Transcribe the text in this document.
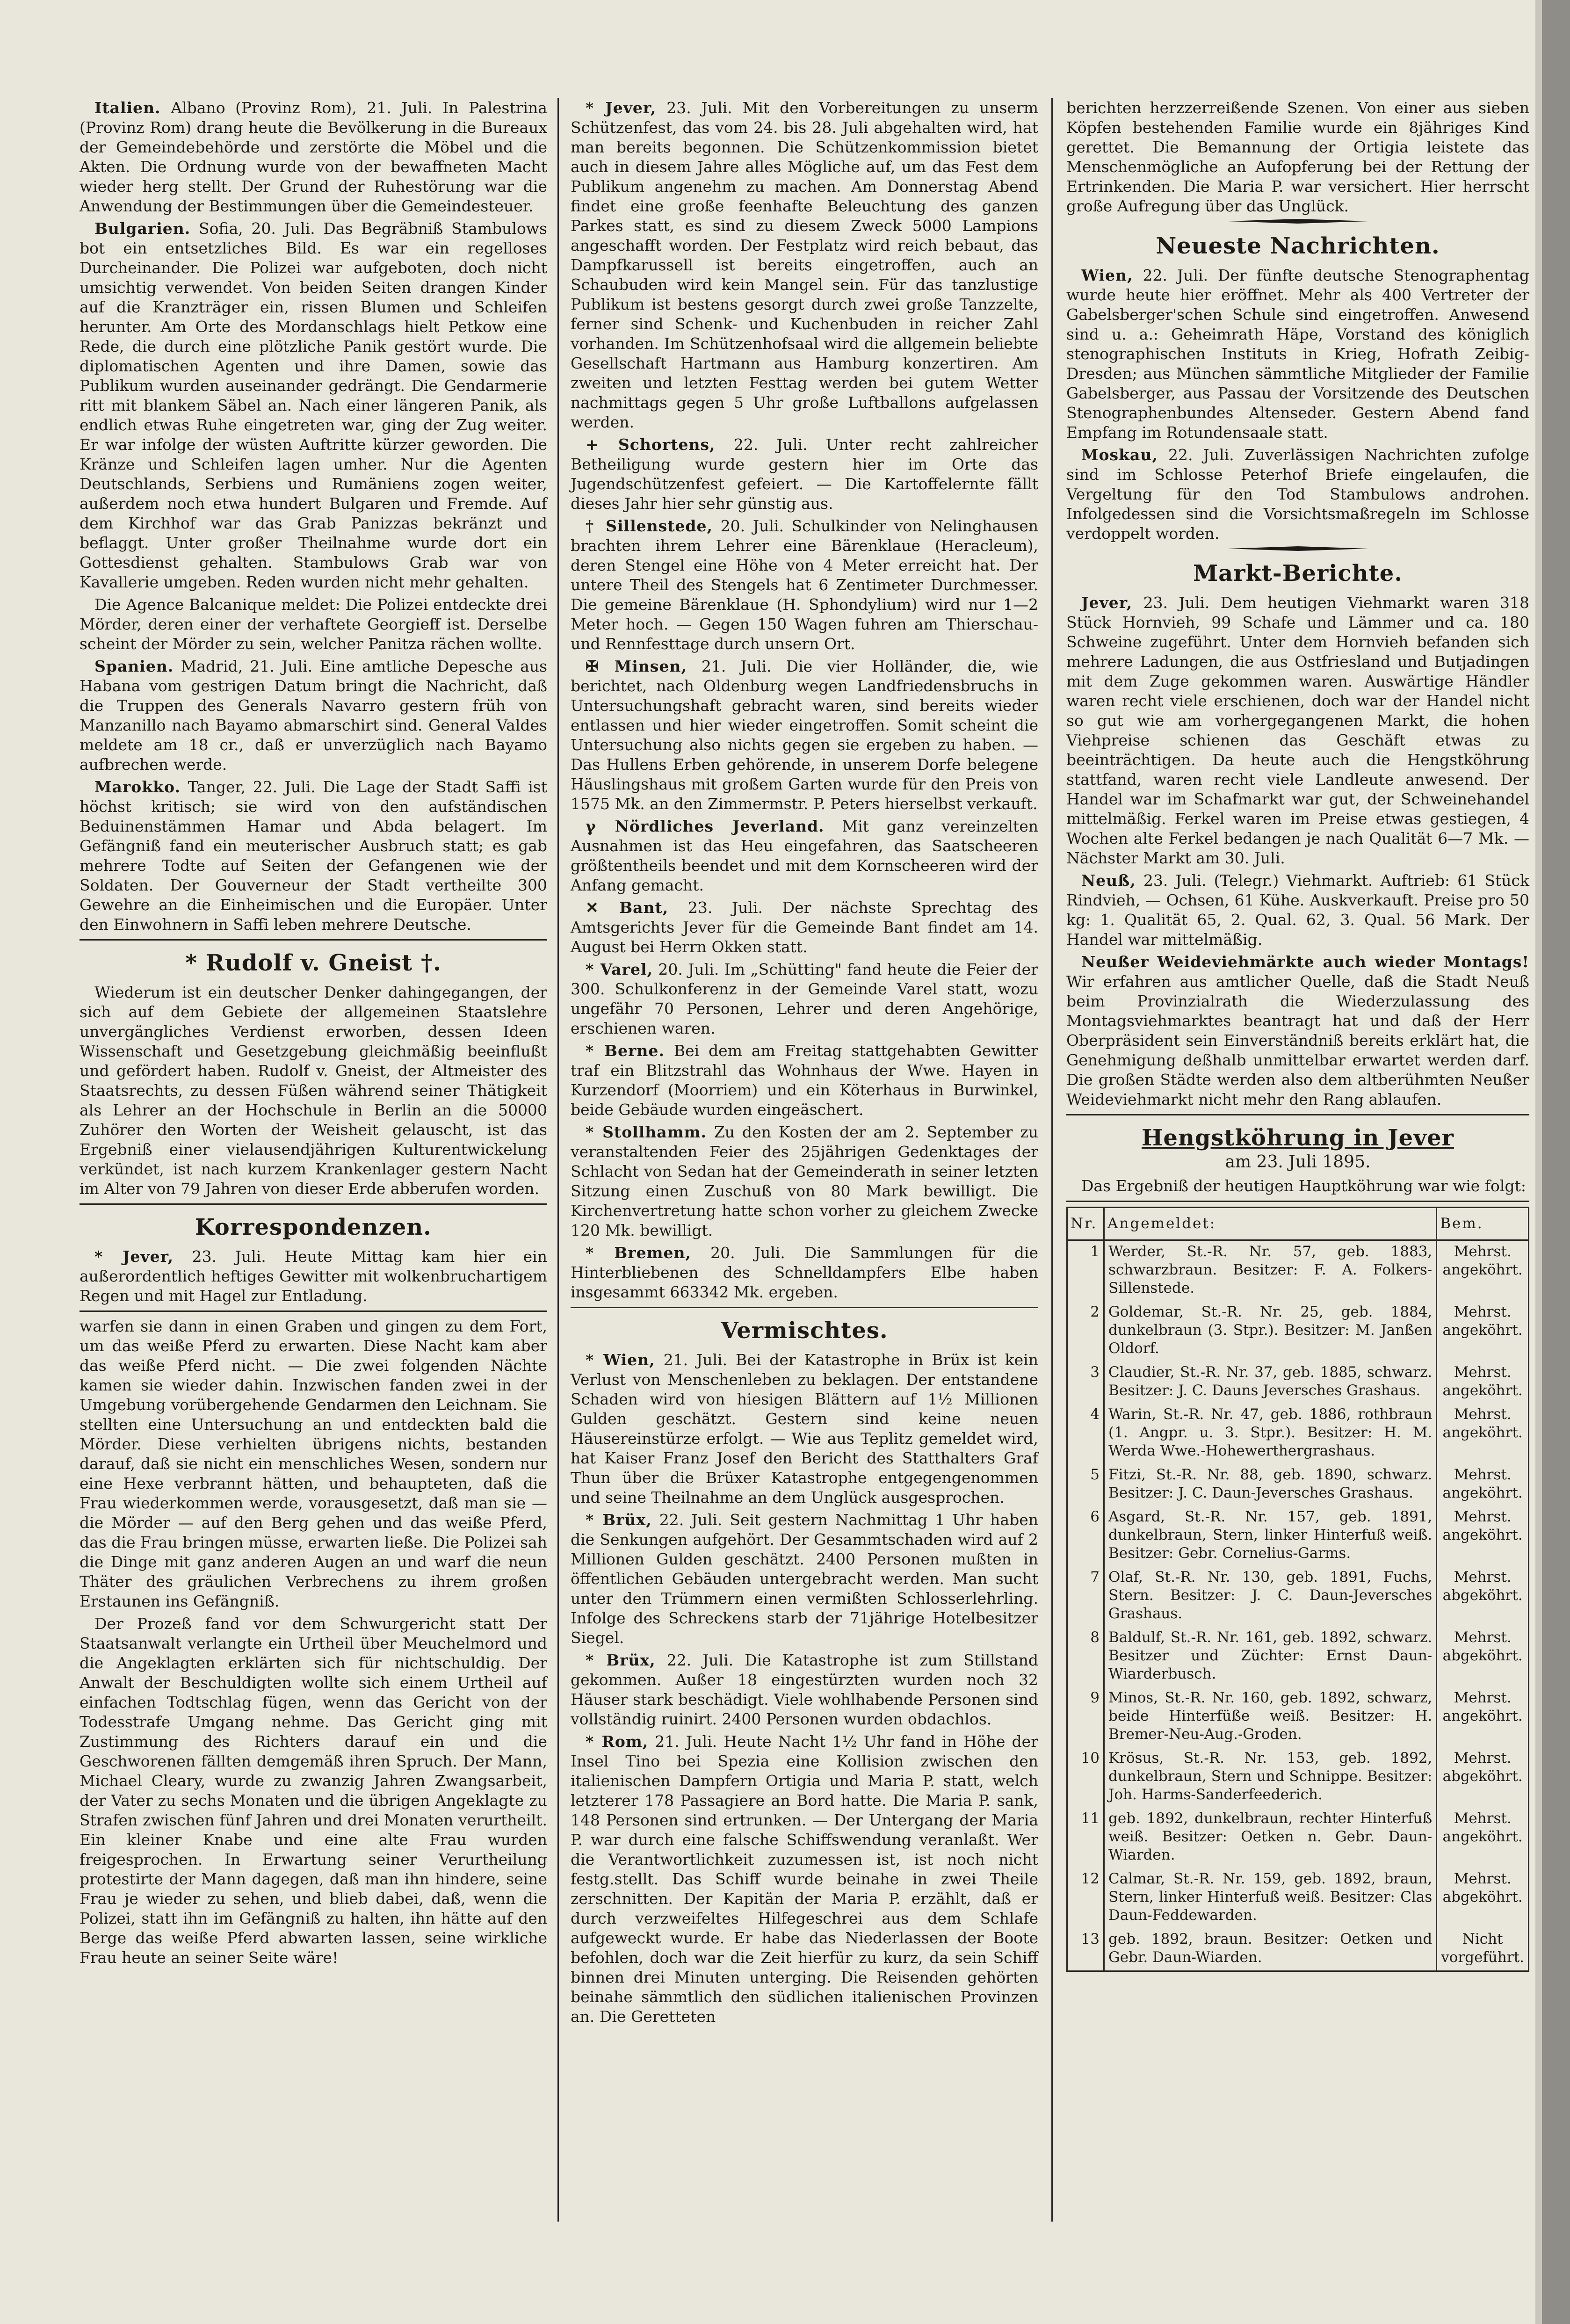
Italien. Albano (Provinz Rom), 21. Juli. In Palestrina (Provinz Rom) drang heute die Bevölkerung in die Bureaux der Gemeindebehörde und zerstörte die Möbel und die Akten. Die Ordnung wurde von der bewaffneten Macht wieder herg stellt. Der Grund der Ruhestörung war die Anwendung der Bestimmungen über die Gemeindesteuer.

Bulgarien. Sofia, 20. Juli. Das Begräbniß Stambulows bot ein entsetzliches Bild. Es war ein regelloses Durcheinander. Die Polizei war aufgeboten, doch nicht umsichtig verwendet. Von beiden Seiten drangen Kinder auf die Kranzträger ein, rissen Blumen und Schleifen herunter. Am Orte des Mordanschlags hielt Petkow eine Rede, die durch eine plötzliche Panik gestört wurde. Die diplomatischen Agenten und ihre Damen, sowie das Publikum wurden auseinander gedrängt. Die Gendarmerie ritt mit blankem Säbel an. Nach einer längeren Panik, als endlich etwas Ruhe eingetreten war, ging der Zug weiter. Er war infolge der wüsten Auftritte kürzer geworden. Die Kränze und Schleifen lagen umher. Nur die Agenten Deutschlands, Serbiens und Rumäniens zogen weiter, außerdem noch etwa hundert Bulgaren und Fremde. Auf dem Kirchhof war das Grab Panizzas bekränzt und beflaggt. Unter großer Theilnahme wurde dort ein Gottesdienst gehalten. Stambulows Grab war von Kavallerie umgeben. Reden wurden nicht mehr gehalten.

Die Agence Balcanique meldet: Die Polizei entdeckte drei Mörder, deren einer der verhaftete Georgieff ist. Derselbe scheint der Mörder zu sein, welcher Panitza rächen wollte.

Spanien. Madrid, 21. Juli. Eine amtliche Depesche aus Habana vom gestrigen Datum bringt die Nachricht, daß die Truppen des Generals Navarro gestern früh von Manzanillo nach Bayamo abmarschirt sind. General Valdes meldete am 18 cr., daß er unverzüglich nach Bayamo aufbrechen werde.

Marokko. Tanger, 22. Juli. Die Lage der Stadt Saffi ist höchst kritisch; sie wird von den aufständischen Beduinenstämmen Hamar und Abda belagert. Im Gefängniß fand ein meuterischer Ausbruch statt; es gab mehrere Todte auf Seiten der Gefangenen wie der Soldaten. Der Gouverneur der Stadt vertheilte 300 Gewehre an die Einheimischen und die Europäer. Unter den Einwohnern in Saffi leben mehrere Deutsche.

* Rudolf v. Gneist †.

Wiederum ist ein deutscher Denker dahingegangen, der sich auf dem Gebiete der allgemeinen Staatslehre unvergängliches Verdienst erworben, dessen Ideen Wissenschaft und Gesetzgebung gleichmäßig beeinflußt und gefördert haben. Rudolf v. Gneist, der Altmeister des Staatsrechts, zu dessen Füßen während seiner Thätigkeit als Lehrer an der Hochschule in Berlin an die 50000 Zuhörer den Worten der Weisheit gelauscht, ist das Ergebniß einer vielausendjährigen Kulturentwickelung verkündet, ist nach kurzem Krankenlager gestern Nacht im Alter von 79 Jahren von dieser Erde abberufen worden.

Korrespondenzen.

* Jever, 23. Juli. Heute Mittag kam hier ein außerordentlich heftiges Gewitter mit wolkenbruchartigem Regen und mit Hagel zur Entladung.

warfen sie dann in einen Graben und gingen zu dem Fort, um das weiße Pferd zu erwarten. Diese Nacht kam aber das weiße Pferd nicht. — Die zwei folgenden Nächte kamen sie wieder dahin. Inzwischen fanden zwei in der Umgebung vorübergehende Gendarmen den Leichnam. Sie stellten eine Untersuchung an und entdeckten bald die Mörder. Diese verhielten übrigens nichts, bestanden darauf, daß sie nicht ein menschliches Wesen, sondern nur eine Hexe verbrannt hätten, und behaupteten, daß die Frau wiederkommen werde, vorausgesetzt, daß man sie — die Mörder — auf den Berg gehen und das weiße Pferd, das die Frau bringen müsse, erwarten ließe. Die Polizei sah die Dinge mit ganz anderen Augen an und warf die neun Thäter des gräulichen Verbrechens zu ihrem großen Erstaunen ins Gefängniß.

Der Prozeß fand vor dem Schwurgericht statt Der Staatsanwalt verlangte ein Urtheil über Meuchelmord und die Angeklagten erklärten sich für nichtschuldig. Der Anwalt der Beschuldigten wollte sich einem Urtheil auf einfachen Todtschlag fügen, wenn das Gericht von der Todesstrafe Umgang nehme. Das Gericht ging mit Zustimmung des Richters darauf ein und die Geschworenen fällten demgemäß ihren Spruch. Der Mann, Michael Cleary, wurde zu zwanzig Jahren Zwangsarbeit, der Vater zu sechs Monaten und die übrigen Angeklagte zu Strafen zwischen fünf Jahren und drei Monaten verurtheilt. Ein kleiner Knabe und eine alte Frau wurden freigesprochen. In Erwartung seiner Verurtheilung protestirte der Mann dagegen, daß man ihn hindere, seine Frau je wieder zu sehen, und blieb dabei, daß, wenn die Polizei, statt ihn im Gefängniß zu halten, ihn hätte auf den Berge das weiße Pferd abwarten lassen, seine wirkliche Frau heute an seiner Seite wäre!

* Jever, 23. Juli. Mit den Vorbereitungen zu unserm Schützenfest, das vom 24. bis 28. Juli abgehalten wird, hat man bereits begonnen. Die Schützenkommission bietet auch in diesem Jahre alles Mögliche auf, um das Fest dem Publikum angenehm zu machen. Am Donnerstag Abend findet eine große feenhafte Beleuchtung des ganzen Parkes statt, es sind zu diesem Zweck 5000 Lampions angeschafft worden. Der Festplatz wird reich bebaut, das Dampfkarussell ist bereits eingetroffen, auch an Schaubuden wird kein Mangel sein. Für das tanzlustige Publikum ist bestens gesorgt durch zwei große Tanzzelte, ferner sind Schenk- und Kuchenbuden in reicher Zahl vorhanden. Im Schützenhofsaal wird die allgemein beliebte Gesellschaft Hartmann aus Hamburg konzertiren. Am zweiten und letzten Festtag werden bei gutem Wetter nachmittags gegen 5 Uhr große Luftballons aufgelassen werden.

+ Schortens, 22. Juli. Unter recht zahlreicher Betheiligung wurde gestern hier im Orte das Jugendschützenfest gefeiert. — Die Kartoffelernte fällt dieses Jahr hier sehr günstig aus.

† Sillenstede, 20. Juli. Schulkinder von Nelinghausen brachten ihrem Lehrer eine Bärenklaue (Heracleum), deren Stengel eine Höhe von 4 Meter erreicht hat. Der untere Theil des Stengels hat 6 Zentimeter Durchmesser. Die gemeine Bärenklaue (H. Sphondylium) wird nur 1—2 Meter hoch. — Gegen 150 Wagen fuhren am Thierschau- und Rennfesttage durch unsern Ort.

✠ Minsen, 21. Juli. Die vier Holländer, die, wie berichtet, nach Oldenburg wegen Landfriedensbruchs in Untersuchungshaft gebracht waren, sind bereits wieder entlassen und hier wieder eingetroffen. Somit scheint die Untersuchung also nichts gegen sie ergeben zu haben. — Das Hullens Erben gehörende, in unserem Dorfe belegene Häuslingshaus mit großem Garten wurde für den Preis von 1575 Mk. an den Zimmermstr. P. Peters hierselbst verkauft.

γ Nördliches Jeverland. Mit ganz vereinzelten Ausnahmen ist das Heu eingefahren, das Saatscheeren größtentheils beendet und mit dem Kornscheeren wird der Anfang gemacht.

✕ Bant, 23. Juli. Der nächste Sprechtag des Amtsgerichts Jever für die Gemeinde Bant findet am 14. August bei Herrn Okken statt.

* Varel, 20. Juli. Im „Schütting" fand heute die Feier der 300. Schulkonferenz in der Gemeinde Varel statt, wozu ungefähr 70 Personen, Lehrer und deren Angehörige, erschienen waren.

* Berne. Bei dem am Freitag stattgehabten Gewitter traf ein Blitzstrahl das Wohnhaus der Wwe. Hayen in Kurzendorf (Moorriem) und ein Köterhaus in Burwinkel, beide Gebäude wurden eingeäschert.

* Stollhamm. Zu den Kosten der am 2. September zu veranstaltenden Feier des 25jährigen Gedenktages der Schlacht von Sedan hat der Gemeinderath in seiner letzten Sitzung einen Zuschuß von 80 Mark bewilligt. Die Kirchenvertretung hatte schon vorher zu gleichem Zwecke 120 Mk. bewilligt.

* Bremen, 20. Juli. Die Sammlungen für die Hinterbliebenen des Schnelldampfers Elbe haben insgesammt 663342 Mk. ergeben.

Vermischtes.

* Wien, 21. Juli. Bei der Katastrophe in Brüx ist kein Verlust von Menschenleben zu beklagen. Der entstandene Schaden wird von hiesigen Blättern auf 1½ Millionen Gulden geschätzt. Gestern sind keine neuen Häusereinstürze erfolgt. — Wie aus Teplitz gemeldet wird, hat Kaiser Franz Josef den Bericht des Statthalters Graf Thun über die Brüxer Katastrophe entgegengenommen und seine Theilnahme an dem Unglück ausgesprochen.

* Brüx, 22. Juli. Seit gestern Nachmittag 1 Uhr haben die Senkungen aufgehört. Der Gesammtschaden wird auf 2 Millionen Gulden geschätzt. 2400 Personen mußten in öffentlichen Gebäuden untergebracht werden. Man sucht unter den Trümmern einen vermißten Schlosserlehrling. Infolge des Schreckens starb der 71jährige Hotelbesitzer Siegel.

* Brüx, 22. Juli. Die Katastrophe ist zum Stillstand gekommen. Außer 18 eingestürzten wurden noch 32 Häuser stark beschädigt. Viele wohlhabende Personen sind vollständig ruinirt. 2400 Personen wurden obdachlos.

* Rom, 21. Juli. Heute Nacht 1½ Uhr fand in Höhe der Insel Tino bei Spezia eine Kollision zwischen den italienischen Dampfern Ortigia und Maria P. statt, welch letzterer 178 Passagiere an Bord hatte. Die Maria P. sank, 148 Personen sind ertrunken. — Der Untergang der Maria P. war durch eine falsche Schiffswendung veranlaßt. Wer die Verantwortlichkeit zuzumessen ist, ist noch nicht festg.stellt. Das Schiff wurde beinahe in zwei Theile zerschnitten. Der Kapitän der Maria P. erzählt, daß er durch verzweifeltes Hilfegeschrei aus dem Schlafe aufgeweckt wurde. Er habe das Niederlassen der Boote befohlen, doch war die Zeit hierfür zu kurz, da sein Schiff binnen drei Minuten unterging. Die Reisenden gehörten beinahe sämmtlich den südlichen italienischen Provinzen an. Die Geretteten

berichten herzzerreißende Szenen. Von einer aus sieben Köpfen bestehenden Familie wurde ein 8jähriges Kind gerettet. Die Bemannung der Ortigia leistete das Menschenmögliche an Aufopferung bei der Rettung der Ertrinkenden. Die Maria P. war versichert. Hier herrscht große Aufregung über das Unglück.

Neueste Nachrichten.

Wien, 22. Juli. Der fünfte deutsche Stenographentag wurde heute hier eröffnet. Mehr als 400 Vertreter der Gabelsberger'schen Schule sind eingetroffen. Anwesend sind u. a.: Geheimrath Häpe, Vorstand des königlich stenographischen Instituts in Krieg, Hofrath Zeibig-Dresden; aus München sämmtliche Mitglieder der Familie Gabelsberger, aus Passau der Vorsitzende des Deutschen Stenographenbundes Altenseder. Gestern Abend fand Empfang im Rotundensaale statt.

Moskau, 22. Juli. Zuverlässigen Nachrichten zufolge sind im Schlosse Peterhof Briefe eingelaufen, die Vergeltung für den Tod Stambulows androhen. Infolgedessen sind die Vorsichtsmaßregeln im Schlosse verdoppelt worden.

Markt-Berichte.

Jever, 23. Juli. Dem heutigen Viehmarkt waren 318 Stück Hornvieh, 99 Schafe und Lämmer und ca. 180 Schweine zugeführt. Unter dem Hornvieh befanden sich mehrere Ladungen, die aus Ostfriesland und Butjadingen mit dem Zuge gekommen waren. Auswärtige Händler waren recht viele erschienen, doch war der Handel nicht so gut wie am vorhergegangenen Markt, die hohen Viehpreise schienen das Geschäft etwas zu beeinträchtigen. Da heute auch die Hengstköhrung stattfand, waren recht viele Landleute anwesend. Der Handel war im Schafmarkt war gut, der Schweinehandel mittelmäßig. Ferkel waren im Preise etwas gestiegen, 4 Wochen alte Ferkel bedangen je nach Qualität 6—7 Mk. — Nächster Markt am 30. Juli.

Neuß, 23. Juli. (Telegr.) Viehmarkt. Auftrieb: 61 Stück Rindvieh, — Ochsen, 61 Kühe. Auskverkauft. Preise pro 50 kg: 1. Qualität 65, 2. Qual. 62, 3. Qual. 56 Mark. Der Handel war mittelmäßig.

Neußer Weideviehmärkte auch wieder Montags! Wir erfahren aus amtlicher Quelle, daß die Stadt Neuß beim Provinzialrath die Wiederzulassung des Montagsviehmarktes beantragt hat und daß der Herr Oberpräsident sein Einverständniß bereits erklärt hat, die Genehmigung deßhalb unmittelbar erwartet werden darf. Die großen Städte werden also dem altberühmten Neußer Weideviehmarkt nicht mehr den Rang ablaufen.

Hengstköhrung in Jever
am 23. Juli 1895.

Das Ergebniß der heutigen Hauptköhrung war wie folgt:

Nr.	Angemeldet:	Bem.
1	Werder, St.-R. Nr. 57, geb. 1883, schwarzbraun. Besitzer: F. A. Folkers-Sillenstede.	Mehrst. angeköhrt.
2	Goldemar, St.-R. Nr. 25, geb. 1884, dunkelbraun (3. Stpr.). Besitzer: M. Janßen Oldorf.	Mehrst. angeköhrt.
3	Claudier, St.-R. Nr. 37, geb. 1885, schwarz. Besitzer: J. C. Dauns Jeversches Grashaus.	Mehrst. angeköhrt.
4	Warin, St.-R. Nr. 47, geb. 1886, rothbraun (1. Angpr. u. 3. Stpr.). Besitzer: H. M. Werda Wwe.-Hohewerthergrashaus.	Mehrst. angeköhrt.
5	Fitzi, St.-R. Nr. 88, geb. 1890, schwarz. Besitzer: J. C. Daun-Jeversches Grashaus.	Mehrst. angeköhrt.
6	Asgard, St.-R. Nr. 157, geb. 1891, dunkelbraun, Stern, linker Hinterfuß weiß. Besitzer: Gebr. Cornelius-Garms.	Mehrst. angeköhrt.
7	Olaf, St.-R. Nr. 130, geb. 1891, Fuchs, Stern. Besitzer: J. C. Daun-Jeversches Grashaus.	Mehrst. abgeköhrt.
8	Baldulf, St.-R. Nr. 161, geb. 1892, schwarz. Besitzer und Züchter: Ernst Daun-Wiarderbusch.	Mehrst. abgeköhrt.
9	Minos, St.-R. Nr. 160, geb. 1892, schwarz, beide Hinterfüße weiß. Besitzer: H. Bremer-Neu-Aug.-Groden.	Mehrst. angeköhrt.
10	Krösus, St.-R. Nr. 153, geb. 1892, dunkelbraun, Stern und Schnippe. Besitzer: Joh. Harms-Sanderfeederich.	Mehrst. abgeköhrt.
11	geb. 1892, dunkelbraun, rechter Hinterfuß weiß. Besitzer: Oetken n. Gebr. Daun-Wiarden.	Mehrst. angeköhrt.
12	Calmar, St.-R. Nr. 159, geb. 1892, braun, Stern, linker Hinterfuß weiß. Besitzer: Clas Daun-Feddewarden.	Mehrst. abgeköhrt.
13	geb. 1892, braun. Besitzer: Oetken und Gebr. Daun-Wiarden.	Nicht vorgeführt.
